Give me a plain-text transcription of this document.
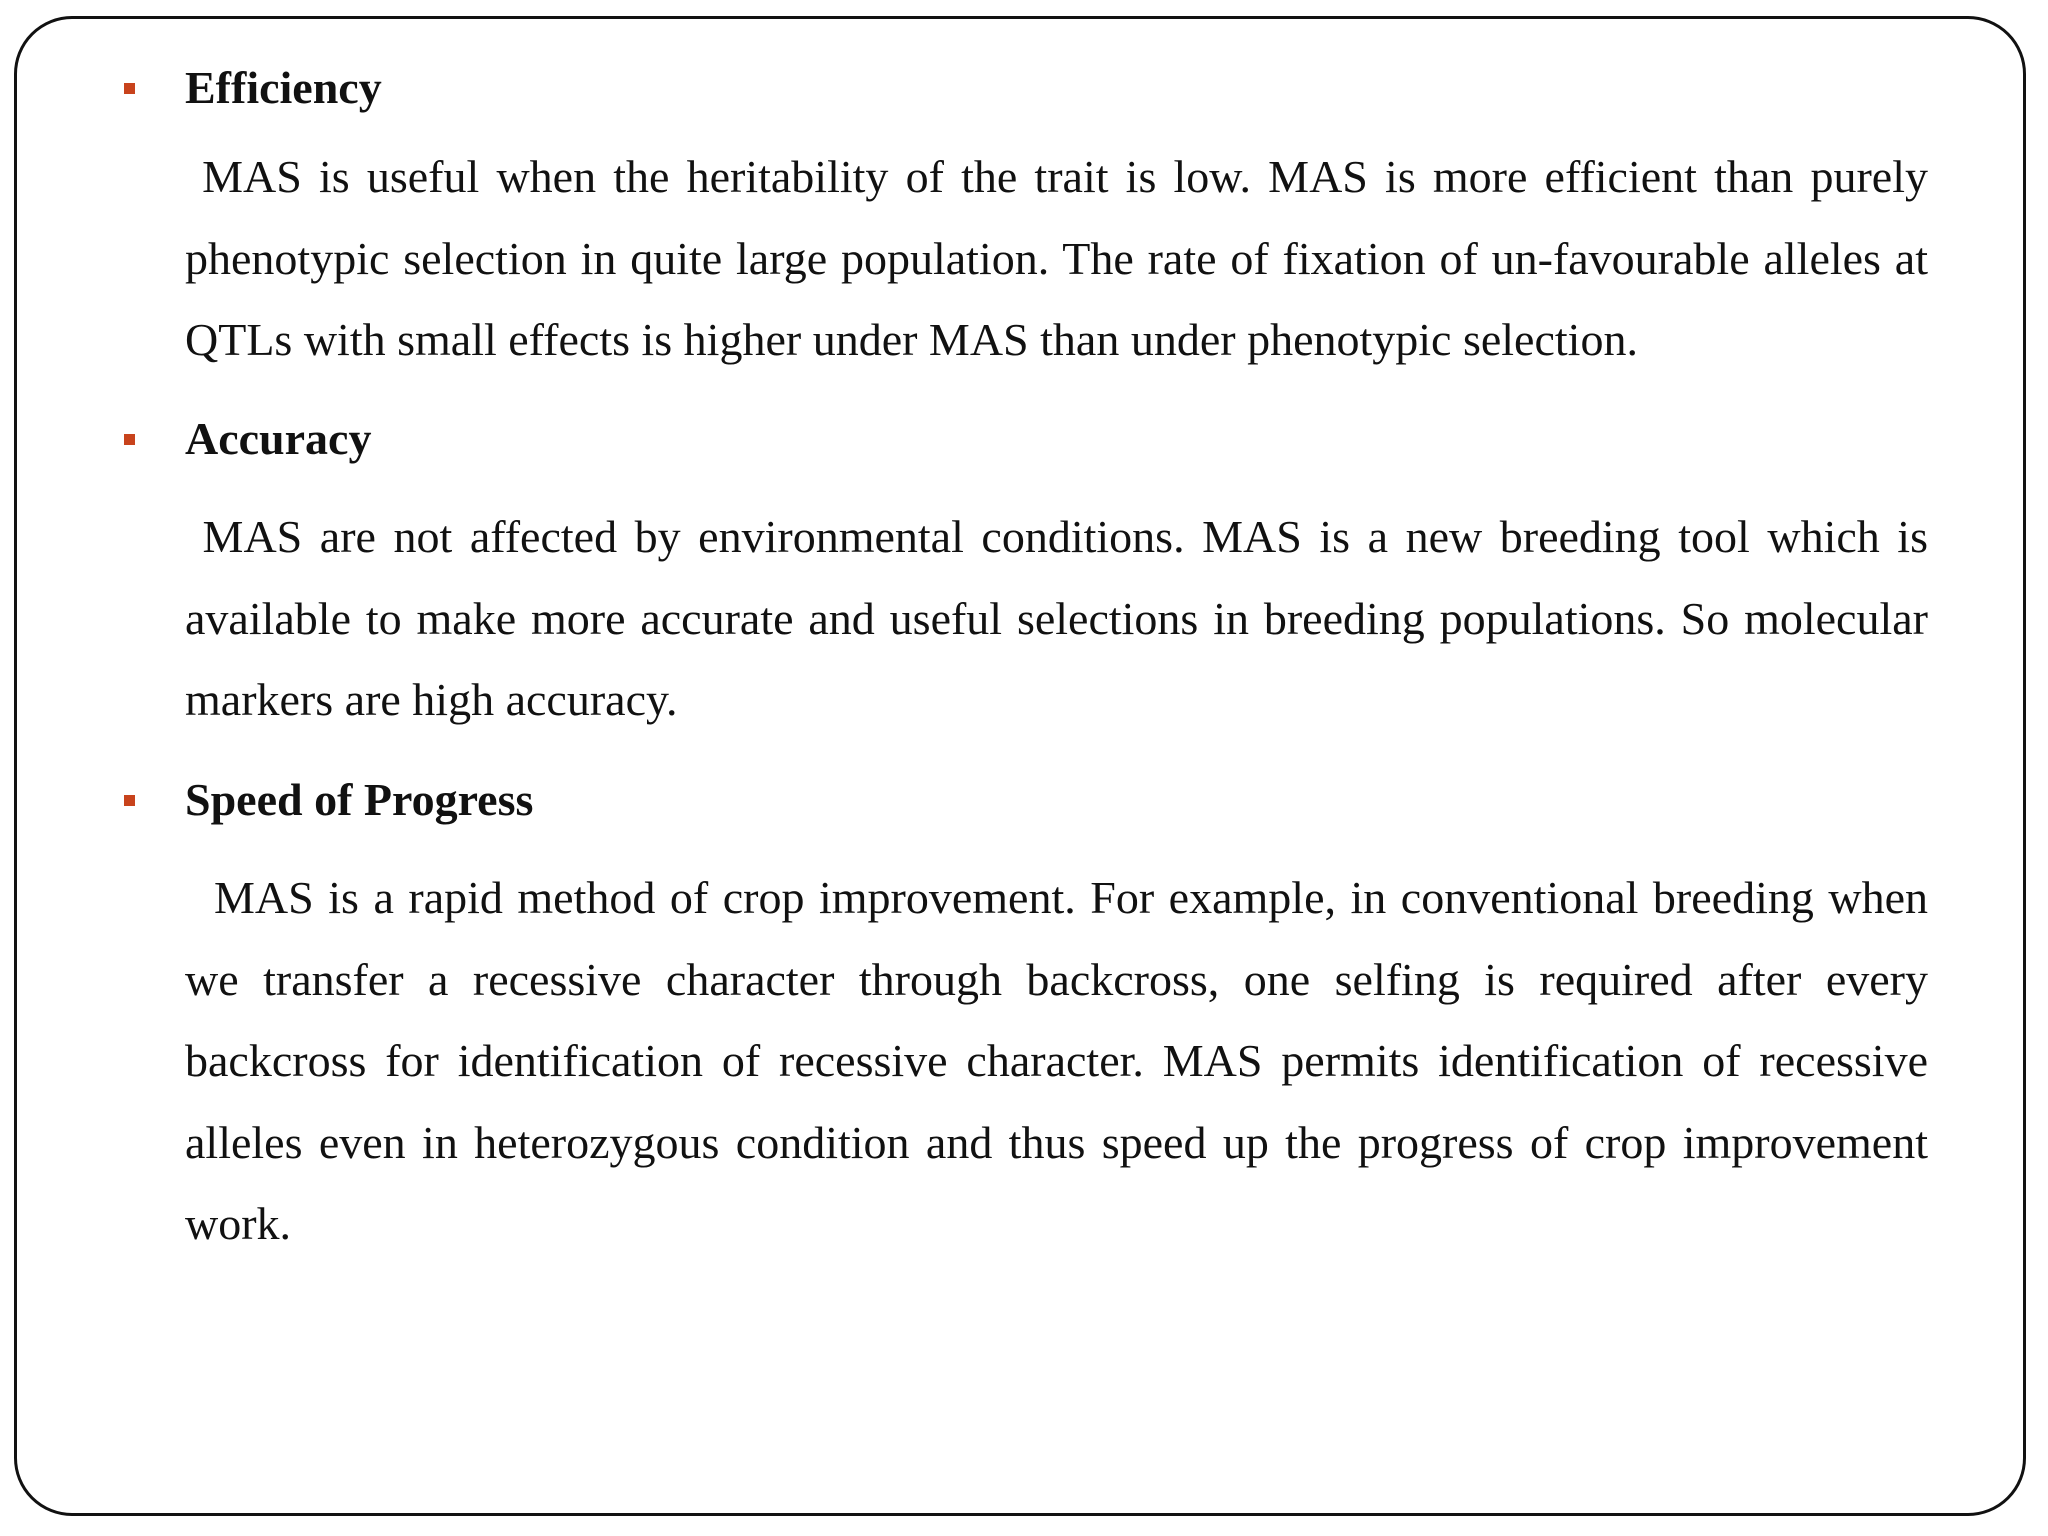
Efficiency

MAS is useful when the heritability of the trait is low. MAS is more efficient than purely phenotypic selection in quite large population. The rate of fixation of un-favourable alleles at QTLs with small effects is higher under MAS than under phenotypic selection.

Accuracy

MAS are not affected by environmental conditions. MAS is a new breeding tool which is available to make more accurate and useful selections in breeding populations. So molecular markers are high accuracy.

Speed of Progress

MAS is a rapid method of crop improvement. For example, in conventional breeding when we transfer a recessive character through backcross, one selfing is required after every backcross for identification of recessive character. MAS permits identification of recessive alleles even in heterozygous condition and thus speed up the progress of crop improvement work.
